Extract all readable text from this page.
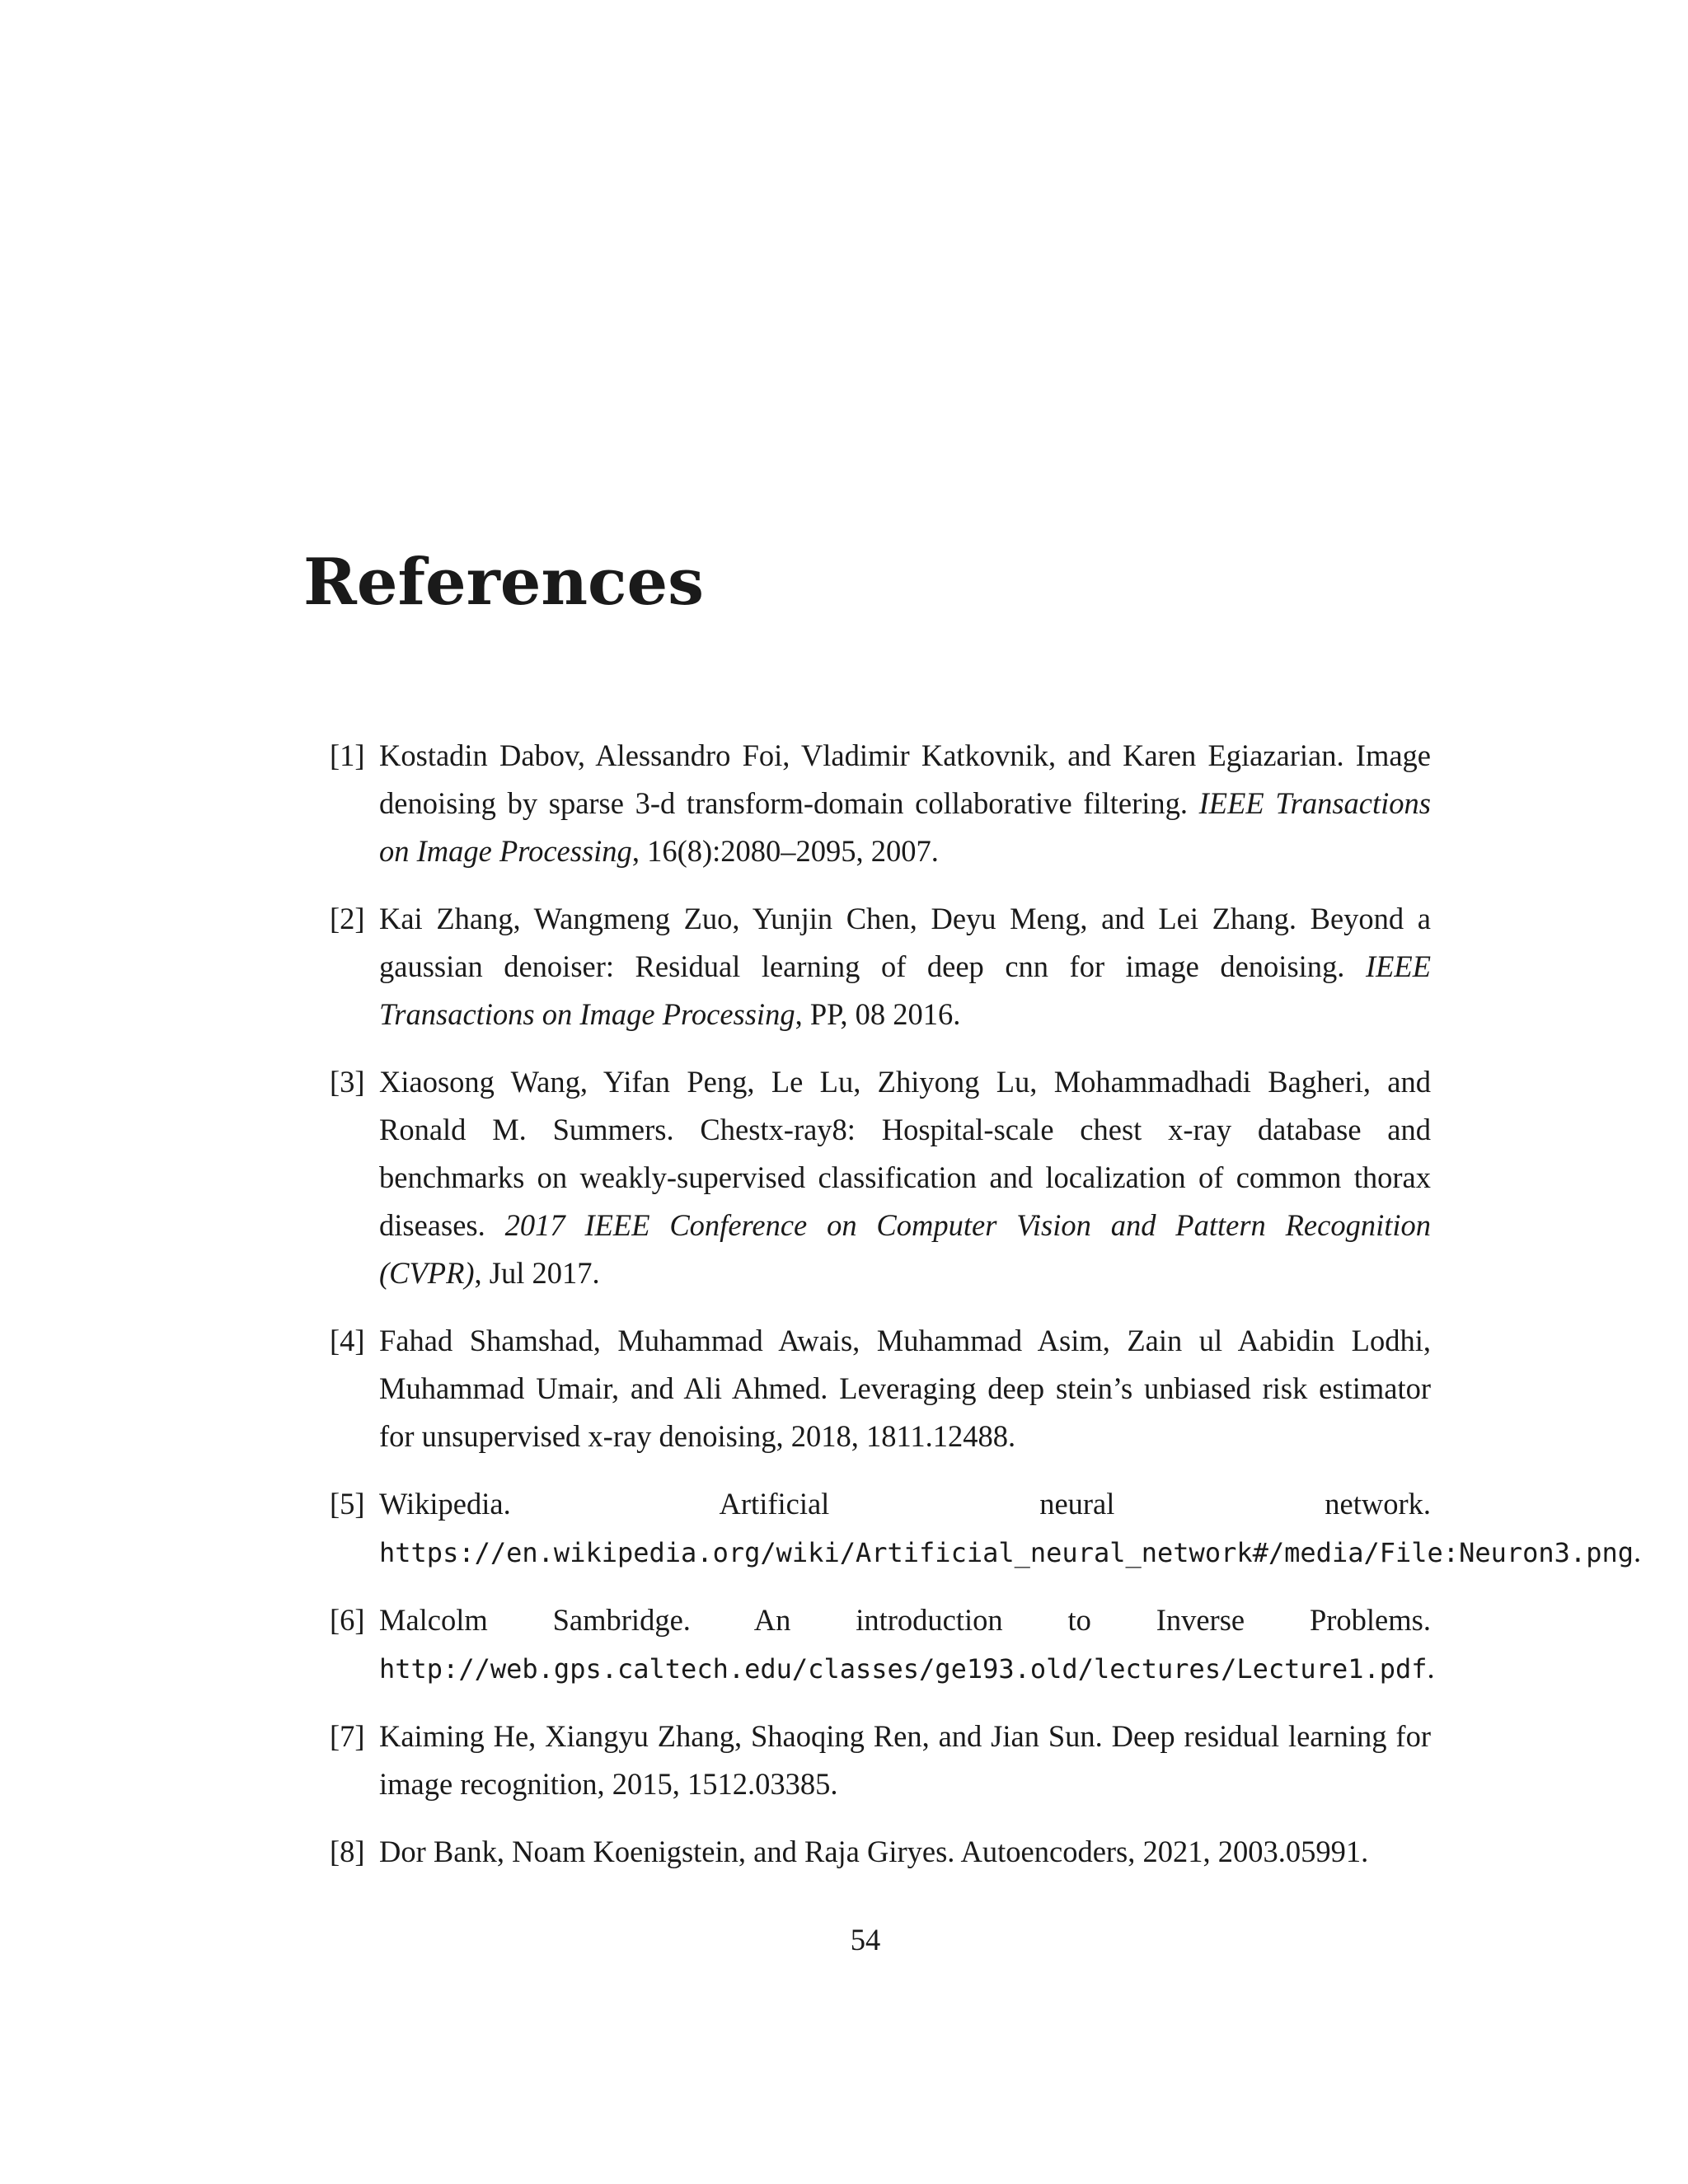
References
[1] Kostadin Dabov, Alessandro Foi, Vladimir Katkovnik, and Karen Egiazarian. Image denoising by sparse 3-d transform-domain collaborative filtering. IEEE Transactions on Image Processing, 16(8):2080–2095, 2007.
[2] Kai Zhang, Wangmeng Zuo, Yunjin Chen, Deyu Meng, and Lei Zhang. Beyond a gaussian denoiser: Residual learning of deep cnn for image denoising. IEEE Transactions on Image Processing, PP, 08 2016.
[3] Xiaosong Wang, Yifan Peng, Le Lu, Zhiyong Lu, Mohammadhadi Bagheri, and Ronald M. Summers. Chestx-ray8: Hospital-scale chest x-ray database and benchmarks on weakly-supervised classification and localization of common thorax diseases. 2017 IEEE Conference on Computer Vision and Pattern Recognition (CVPR), Jul 2017.
[4] Fahad Shamshad, Muhammad Awais, Muhammad Asim, Zain ul Aabidin Lodhi, Muhammad Umair, and Ali Ahmed. Leveraging deep stein’s unbiased risk estimator for unsupervised x-ray denoising, 2018, 1811.12488.
[5] Wikipedia.	Artificial neural network. https://en.wikipedia.org/wiki/Artificial_neural_network#/media/File:Neuron3.png.
[6] Malcolm Sambridge. An introduction to Inverse Problems. http://web.gps.caltech.edu/classes/ge193.old/lectures/Lecture1.pdf.
[7] Kaiming He, Xiangyu Zhang, Shaoqing Ren, and Jian Sun. Deep residual learning for image recognition, 2015, 1512.03385.
[8] Dor Bank, Noam Koenigstein, and Raja Giryes. Autoencoders, 2021, 2003.05991.
54
